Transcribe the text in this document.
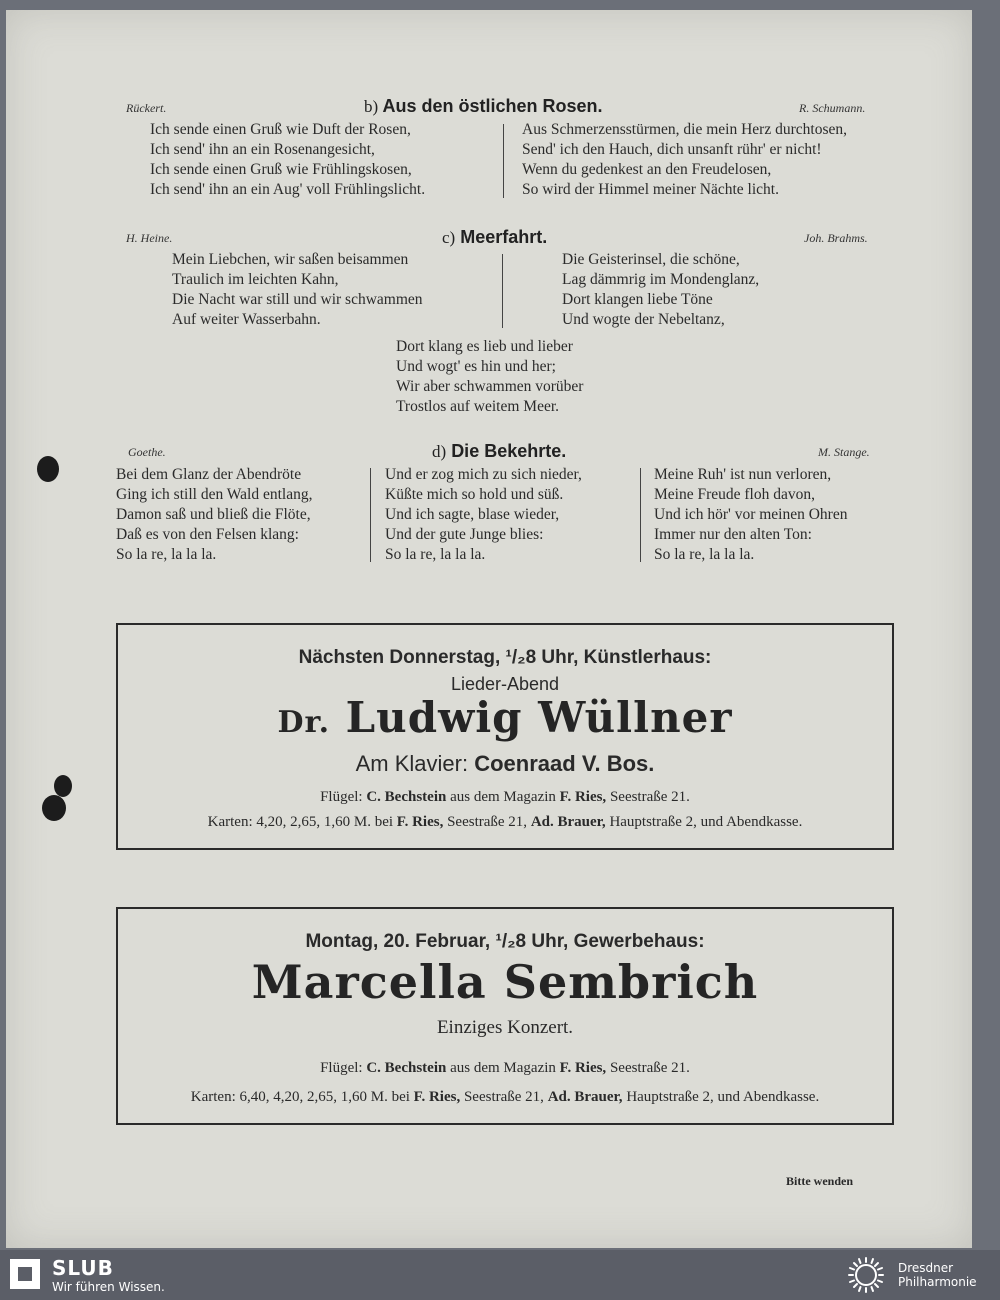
Rückert.	b) Aus den östlichen Rosen.	R. Schumann.
Ich sende einen Gruß wie Duft der Rosen,
Ich send' ihn an ein Rosenangesicht,
Ich sende einen Gruß wie Frühlingskosen,
Ich send' ihn an ein Aug' voll Frühlingslicht.
Aus Schmerzensstürmen, die mein Herz durchtosen,
Send' ich den Hauch, dich unsanft rühr' er nicht!
Wenn du gedenkest an den Freudelosen,
So wird der Himmel meiner Nächte licht.
H. Heine.	c) Meerfahrt.	Joh. Brahms.
Mein Liebchen, wir saßen beisammen
Traulich im leichten Kahn,
Die Nacht war still und wir schwammen
Auf weiter Wasserbahn.
Die Geisterinsel, die schöne,
Lag dämmrig im Mondenglanz,
Dort klangen liebe Töne
Und wogte der Nebeltanz,
Dort klang es lieb und lieber
Und wogt' es hin und her;
Wir aber schwammen vorüber
Trostlos auf weitem Meer.
Goethe.	d) Die Bekehrte.	M. Stange.
Bei dem Glanz der Abendröte
Ging ich still den Wald entlang,
Damon saß und bließ die Flöte,
Daß es von den Felsen klang:
So la re, la la la.
Und er zog mich zu sich nieder,
Küßte mich so hold und süß.
Und ich sagte, blase wieder,
Und der gute Junge blies:
So la re, la la la.
Meine Ruh' ist nun verloren,
Meine Freude floh davon,
Und ich hör' vor meinen Ohren
Immer nur den alten Ton:
So la re, la la la.
Nächsten Donnerstag, ¹/₂8 Uhr, Künstlerhaus:
Lieder-Abend
Dr. Ludwig Wüllner
Am Klavier: Coenraad V. Bos.
Flügel: C. Bechstein aus dem Magazin F. Ries, Seestraße 21.
Karten: 4,20, 2,65, 1,60 M. bei F. Ries, Seestraße 21, Ad. Brauer, Hauptstraße 2, und Abendkasse.
Montag, 20. Februar, ¹/₂8 Uhr, Gewerbehaus:
Marcella Sembrich
Einziges Konzert.
Flügel: C. Bechstein aus dem Magazin F. Ries, Seestraße 21.
Karten: 6,40, 4,20, 2,65, 1,60 M. bei F. Ries, Seestraße 21, Ad. Brauer, Hauptstraße 2, und Abendkasse.
Bitte wenden
SLUB
Wir führen Wissen.
Dresdner
Philharmonie
